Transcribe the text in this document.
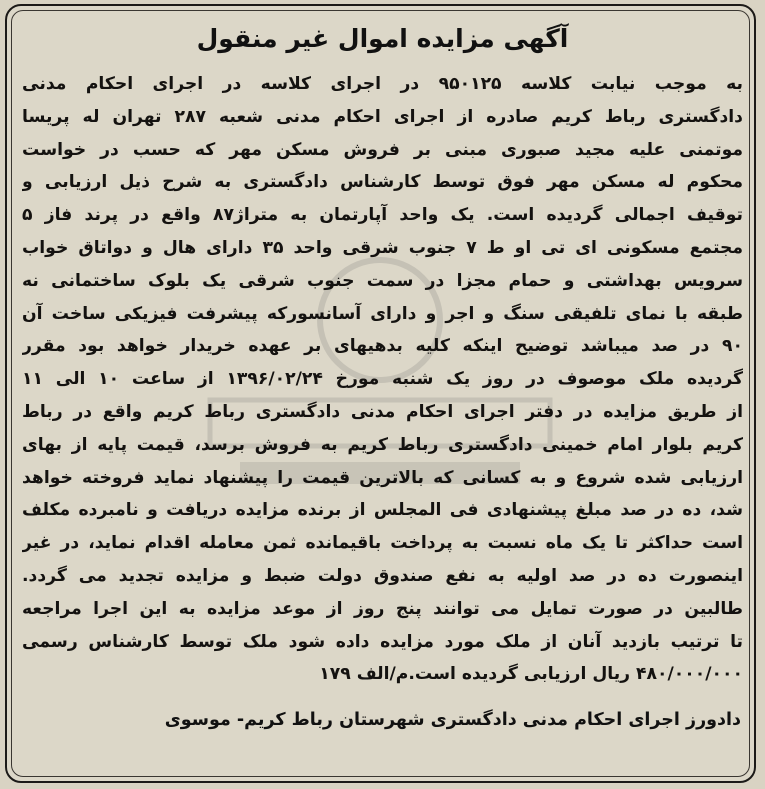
آگهی مزایده اموال غیر منقول
به موجب نیابت کلاسه ۹۵۰۱۲۵ در اجرای کلاسه در اجرای احکام مدنی
دادگستری رباط کریم صادره از اجرای احکام مدنی شعبه ۲۸۷ تهران له پریسا
موتمنی علیه مجید صبوری مبنی بر فروش مسکن مهر که حسب در خواست
محکوم له مسکن مهر فوق توسط کارشناس دادگستری به شرح ذیل ارزیابی و
توقیف اجمالی گردیده است. یک واحد آپارتمان به متراژ۸۷ واقع در پرند فاز ۵
مجتمع مسکونی ای تی او ط ۷ جنوب شرقی واحد ۳۵ دارای هال و دواتاق خواب
سرویس بهداشتی و حمام مجزا در سمت جنوب شرقی یک بلوک ساختمانی نه
طبقه با نمای تلفیقی سنگ و اجر و دارای آسانسورکه پیشرفت فیزیکی ساخت آن
۹۰ در صد میباشد توضیح اینکه کلیه بدهیهای بر عهده خریدار خواهد بود مقرر
گردیده ملک موصوف در روز یک شنبه مورخ ۱۳۹۶/۰۲/۲۴ از ساعت ۱۰ الی ۱۱
از طریق مزایده در دفتر اجرای احکام مدنی دادگستری رباط کریم واقع در رباط
کریم بلوار امام خمینی دادگستری رباط کریم به فروش برسد، قیمت پایه از بهای
ارزیابی شده شروع و به کسانی که بالاترین قیمت را پیشنهاد نماید فروخته خواهد
شد، ده در صد مبلغ پیشنهادی فی المجلس از برنده مزایده دریافت و نامبرده مکلف
است حداکثر تا یک ماه نسبت به پرداخت باقیمانده ثمن معامله اقدام نماید، در غیر
اینصورت ده در صد اولیه به نفع صندوق دولت ضبط و مزایده تجدید می گردد.
طالبین در صورت تمایل می توانند پنج روز از موعد مزایده به این اجرا مراجعه
تا ترتیب بازدید آنان از ملک مورد مزایده داده شود ملک توسط کارشناس رسمی
۴۸۰/۰۰۰/۰۰۰ ریال ارزیابی گردیده است.م/الف ۱۷۹
دادورز اجرای احکام مدنی دادگستری شهرستان رباط کریم- موسوی
